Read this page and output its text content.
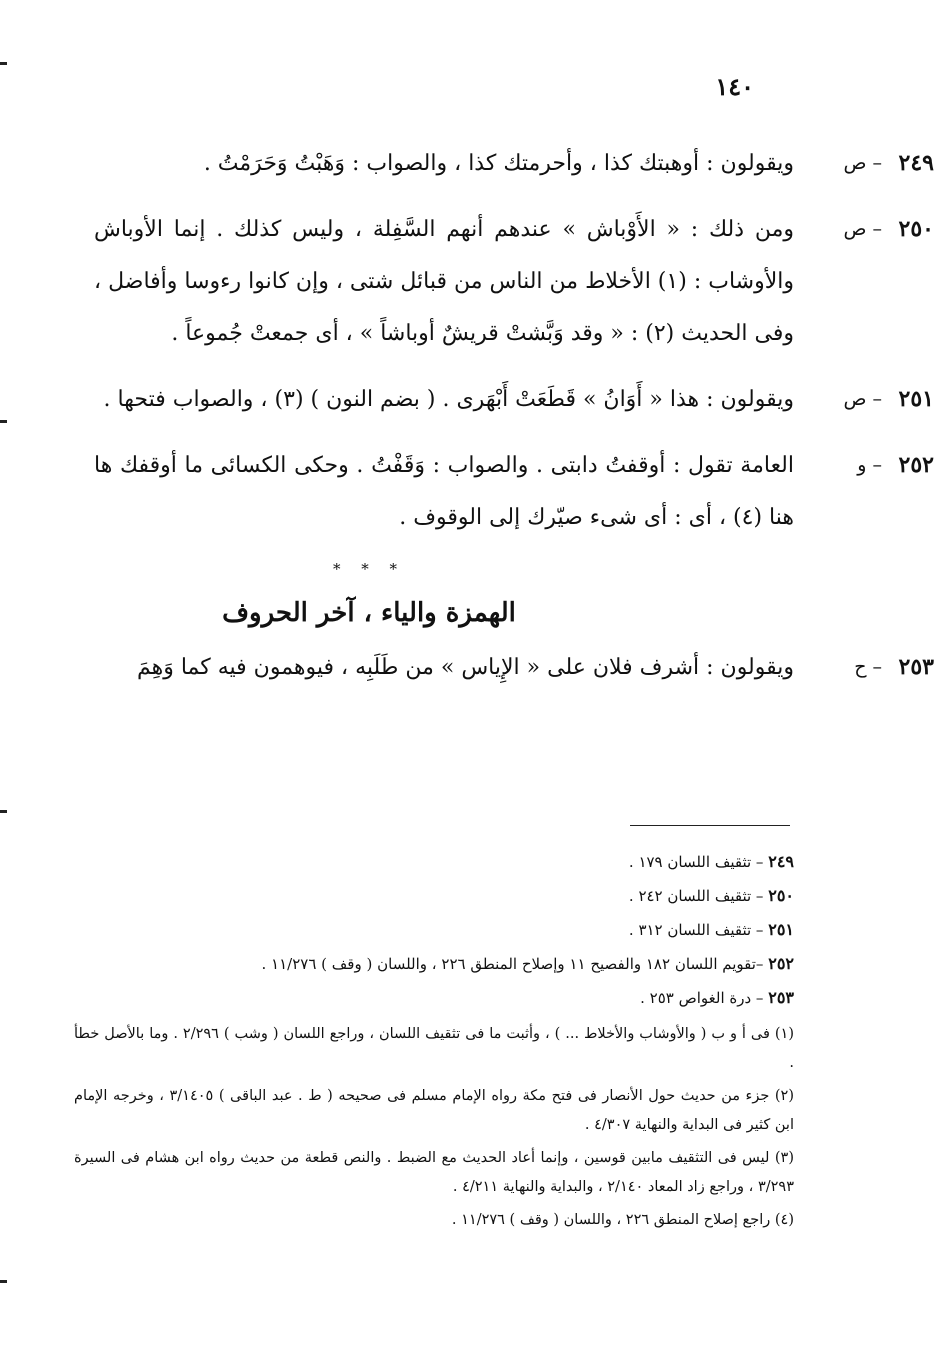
١٤٠
٢٤٩
– ص
ويقولون : أوهبتك كذا ، وأحرمتك كذا ، والصواب : وَهَبْتُ وَحَرَمْتُ .
٢٥٠
– ص
ومن ذلك : « الأَوْباش » عندهم أنهم السَّفِلة ، وليس كذلك . إنما الأوباش والأوشاب : (١) الأخلاط من الناس من قبائل شتى ، وإن كانوا رءوسا وأفاضل ، وفى الحديث (٢) : « وقد وَبَّشتْ قريشٌ أوباشاً » ، أى جمعتْ جُموعاً .
٢٥١
– ص
ويقولون : هذا « أَوَانُ » قَطَعَتْ أَبْهَرى . ( بضم النون ) (٣) ، والصواب فتحها .
٢٥٢
– و
العامة تقول : أوقفتُ دابتى . والصواب : وَقَفْتُ . وحكى الكسائى ما أوقفك ها هنا (٤) ، أى : أى شىء صيّرك إلى الوقوف .
* * *
الهمزة والياء ، آخر الحروف
٢٥٣
– ح
ويقولون : أشرف فلان على « الإِياس » من طَلَبِه ، فيوهمون فيه كما وَهِمَ
٢٤٩ – تثقيف اللسان ١٧٩ .
٢٥٠ – تثقيف اللسان ٢٤٢ .
٢٥١ – تثقيف اللسان ٣١٢ .
٢٥٢ –تقويم اللسان ١٨٢ والفصيح ١١ وإصلاح المنطق ٢٢٦ ، واللسان ( وقف ) ١١/٢٧٦ .
٢٥٣ – درة الغواص ٢٥٣ .
(١) فى أ و ب ( والأوشاب والأخلاط ... ) ، وأثبت ما فى تثقيف اللسان ، وراجع اللسان ( وشب ) ٢/٢٩٦ . وما بالأصل خطأ .
(٢) جزء من حديث حول الأنصار فى فتح مكة رواه الإمام مسلم فى صحيحه ( ط . عبد الباقى ) ٣/١٤٠٥ ، وخرجه الإمام ابن كثير فى البداية والنهاية ٤/٣٠٧ .
(٣) ليس فى التثقيف مابين قوسين ، وإنما أعاد الحديث مع الضبط . والنص قطعة من حديث رواه ابن هشام فى السيرة ٣/٢٩٣ ، وراجع زاد المعاد ٢/١٤٠ ، والبداية والنهاية ٤/٢١١ .
(٤) راجع إصلاح المنطق ٢٢٦ ، واللسان ( وقف ) ١١/٢٧٦ .
